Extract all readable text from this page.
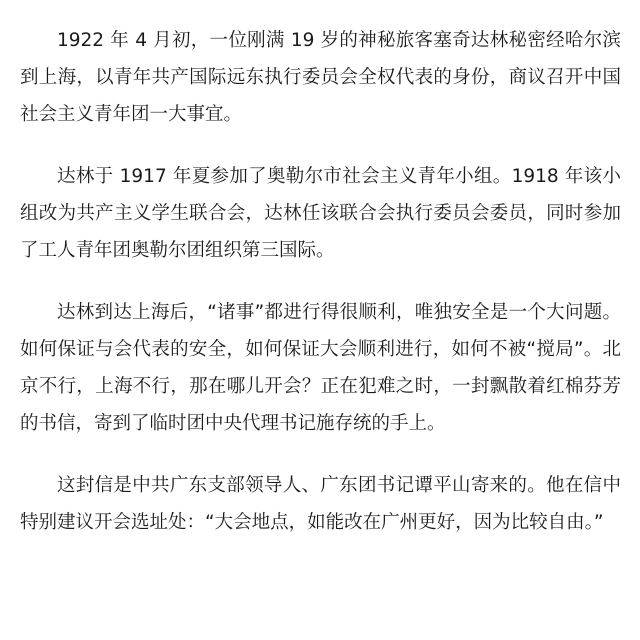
1922 年 4 月初，一位刚满 19 岁的神秘旅客塞奇达林秘密经哈尔滨到上海，以青年共产国际远东执行委员会全权代表的身份，商议召开中国社会主义青年团一大事宜。

达林于 1917 年夏参加了奥勒尔市社会主义青年小组。1918 年该小组改为共产主义学生联合会，达林任该联合会执行委员会委员，同时参加了工人青年团奥勒尔团组织第三国际。

达林到达上海后，“诸事”都进行得很顺利，唯独安全是一个大问题。如何保证与会代表的安全，如何保证大会顺利进行，如何不被“搅局”。北京不行，上海不行，那在哪儿开会？正在犯难之时，一封飘散着红棉芬芳的书信，寄到了临时团中央代理书记施存统的手上。

这封信是中共广东支部领导人、广东团书记谭平山寄来的。他在信中特别建议开会选址处：“大会地点，如能改在广州更好，因为比较自由。”
